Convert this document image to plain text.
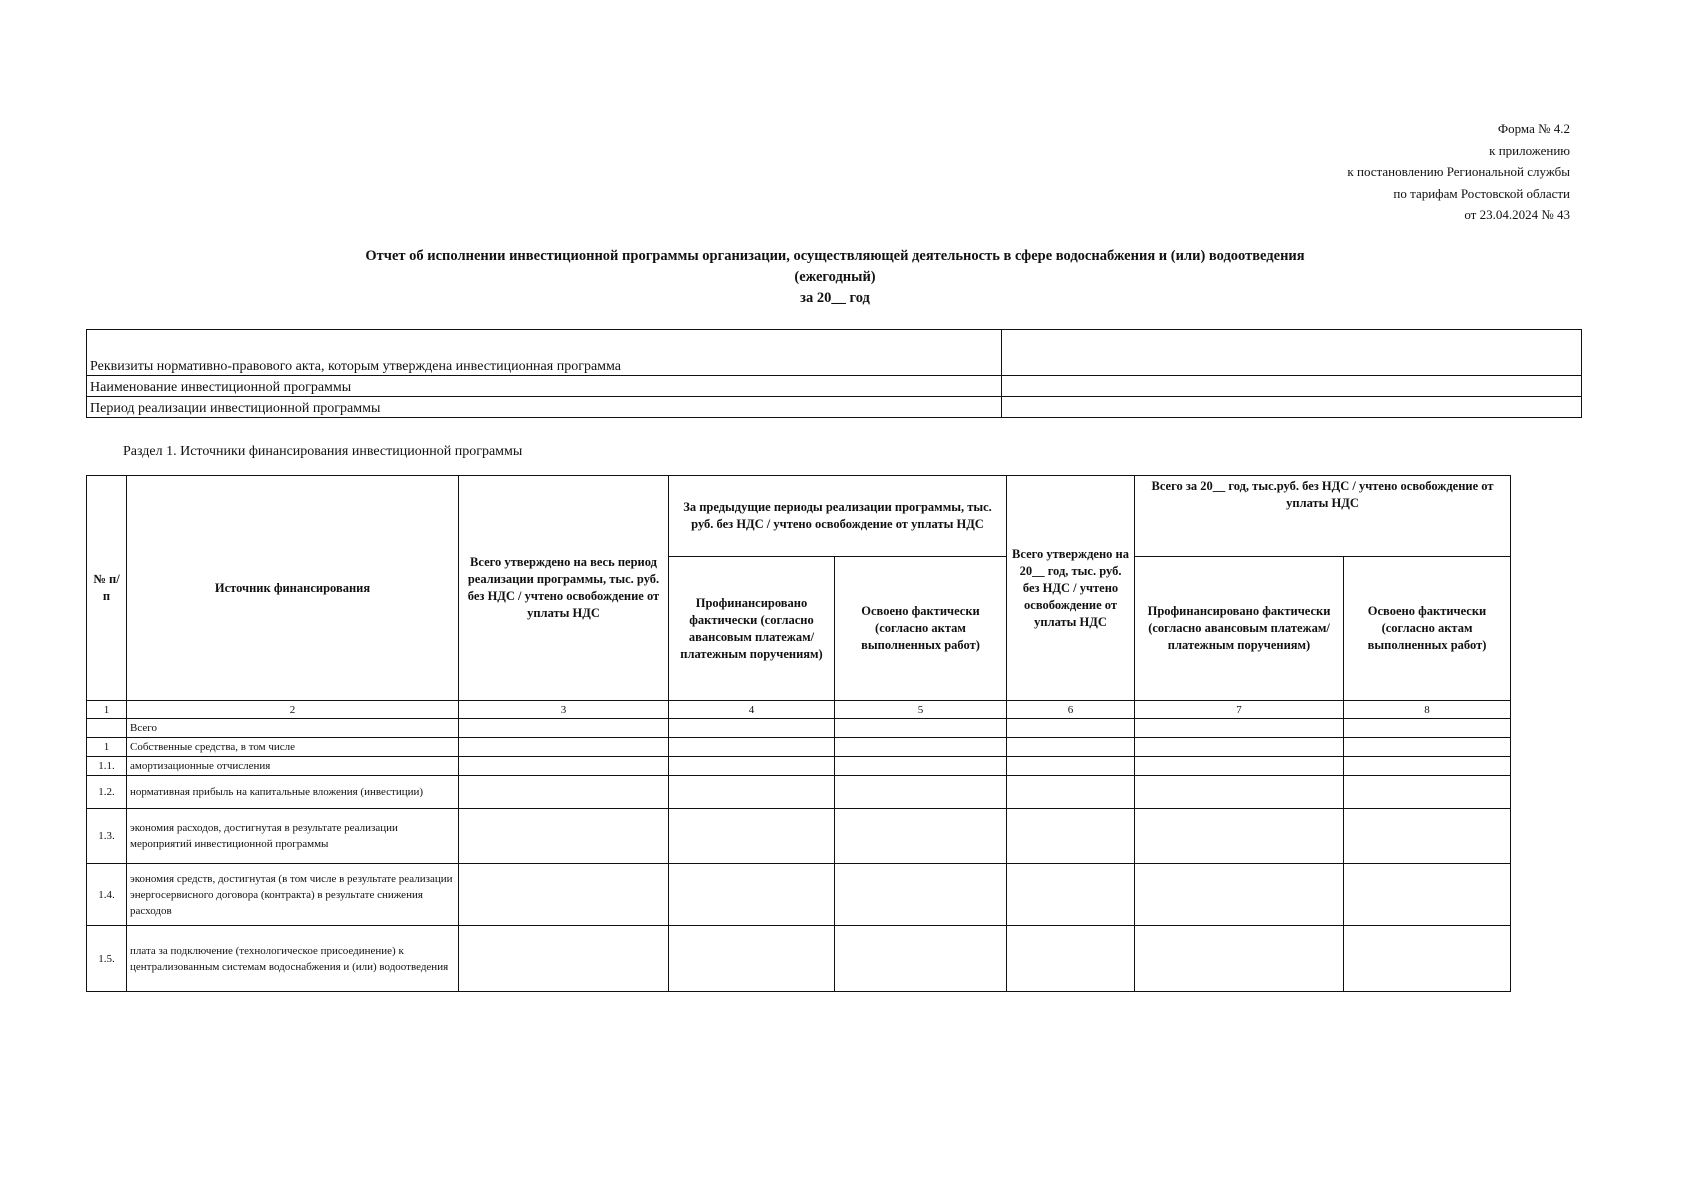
Форма № 4.2
к приложению
к постановлению Региональной службы
по тарифам Ростовской области
от 23.04.2024 № 43
Отчет об исполнении инвестиционной программы организации, осуществляющей деятельность в сфере водоснабжения и (или) водоотведения
(ежегодный)
за 20__ год
Реквизиты нормативно-правового акта, которым утверждена инвестиционная программа	
Наименование инвестиционной программы	
Период реализации инвестиционной программы	
Раздел 1. Источники финансирования инвестиционной программы
№ п/п	Источник финансирования	Всего утверждено на весь период реализации программы, тыс. руб. без НДС / учтено освобождение от уплаты НДС	За предыдущие периоды реализации программы, тыс. руб. без НДС / учтено освобождение от уплаты НДС		Всего утверждено на 20__ год, тыс. руб. без НДС / учтено освобождение от уплаты НДС	Всего за 20__ год, тыс.руб. без НДС / учтено освобождение от уплаты НДС	
			Профинансировано фактически (согласно авансовым платежам/платежным поручениям)	Освоено фактически (согласно актам выполненных работ)		Профинансировано фактически (согласно авансовым платежам/платежным поручениям)	Освоено фактически (согласно актам выполненных работ)
1	2	3	4	5	6	7	8
	Всего						
1	Собственные средства, в том числе						
1.1.	амортизационные отчисления						
1.2.	нормативная прибыль на капитальные вложения (инвестиции)						
1.3.	экономия расходов, достигнутая в результате реализации мероприятий инвестиционной программы						
1.4.	экономия средств, достигнутая (в том числе в результате реализации энергосервисного договора (контракта) в результате снижения расходов						
1.5.	плата за подключение (технологическое присоединение) к централизованным системам водоснабжения и (или) водоотведения						
